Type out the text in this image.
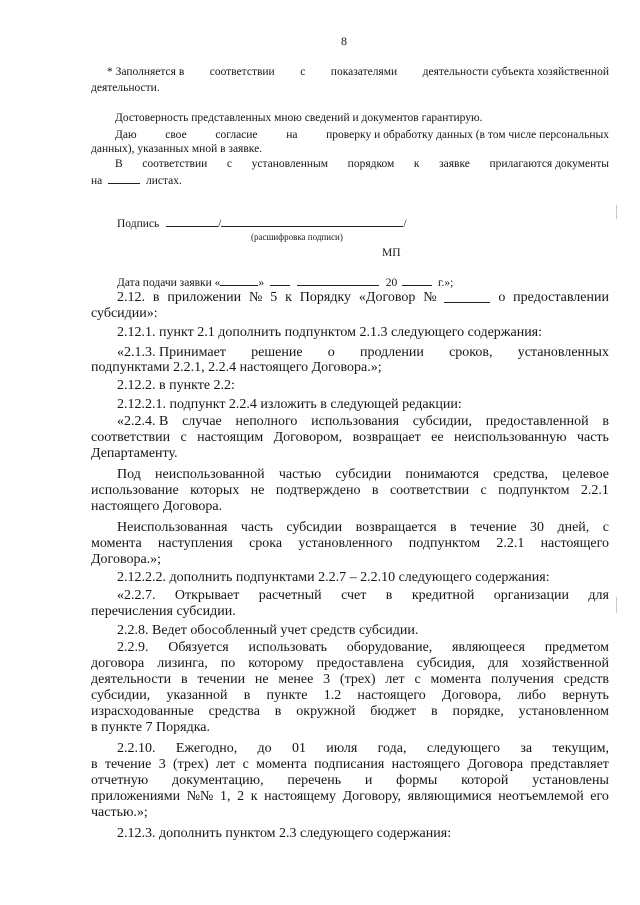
8
* Заполняется в соответствии с показателями деятельности субъекта хозяйственной
деятельности.
Достоверность представленных мною сведений и документов гарантирую.
Даю свое согласие на проверку и обработку данных (в том числе персональных
данных), указанных мной в заявке.
В соответствии с установленным порядком к заявке прилагаются документы
на	листах.
Подпись	/	/
(расшифровка подписи)
МП
Дата подачи заявки «	»	20	г.»;
2.12. в приложении № 5 к Порядку «Договор №	о предоставлении
субсидии»:
2.12.1. пункт 2.1 дополнить подпунктом 2.1.3 следующего содержания:
«2.1.3. Принимает решение о продлении сроков, установленных
подпунктами 2.2.1, 2.2.4 настоящего Договора.»;
2.12.2. в пункте 2.2:
2.12.2.1. подпункт 2.2.4 изложить в следующей редакции:
«2.2.4. В случае неполного использования субсидии, предоставленной в
соответствии с настоящим Договором, возвращает ее неиспользованную часть
Департаменту.
Под неиспользованной частью субсидии понимаются средства, целевое
использование которых не подтверждено в соответствии с подпунктом 2.2.1
настоящего Договора.
Неиспользованная часть субсидии возвращается в течение 30 дней, с
момента наступления срока установленного подпунктом 2.2.1 настоящего
Договора.»;
2.12.2.2. дополнить подпунктами 2.2.7 – 2.2.10 следующего содержания:
«2.2.7. Открывает расчетный счет в кредитной организации для
перечисления субсидии.
2.2.8. Ведет обособленный учет средств субсидии.
2.2.9. Обязуется использовать оборудование, являющееся предметом
договора лизинга, по которому предоставлена субсидия, для хозяйственной
деятельности в течении не менее 3 (трех) лет с момента получения средств
субсидии, указанной в пункте 1.2 настоящего Договора, либо вернуть
израсходованные средства в окружной бюджет в порядке, установленном
в пункте 7 Порядка.
2.2.10. Ежегодно, до 01 июля года, следующего за текущим,
в течение 3 (трех) лет с момента подписания настоящего Договора представляет
отчетную документацию, перечень и формы которой установлены
приложениями №№ 1, 2 к настоящему Договору, являющимися неотъемлемой его
частью.»;
2.12.3. дополнить пунктом 2.3 следующего содержания:
